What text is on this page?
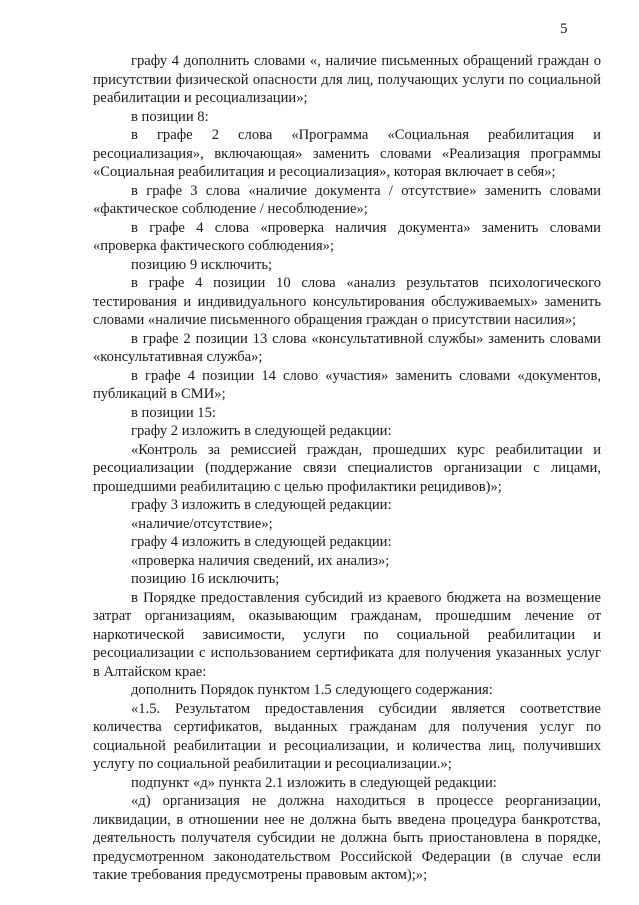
5

графу 4 дополнить словами «, наличие письменных обращений граждан о присутствии физической опасности для лиц, получающих услуги по социальной реабилитации и ресоциализации»;

в позиции 8:

в графе 2 слова «Программа «Социальная реабилитация и ресоциализация», включающая» заменить словами «Реализация программы «Социальная реабилитация и ресоциализация», которая включает в себя»;

в графе 3 слова «наличие документа / отсутствие» заменить словами «фактическое соблюдение / несоблюдение»;

в графе 4 слова «проверка наличия документа» заменить словами «проверка фактического соблюдения»;

позицию 9 исключить;

в графе 4 позиции 10 слова «анализ результатов психологического тестирования и индивидуального консультирования обслуживаемых» заменить словами «наличие письменного обращения граждан о присутствии насилия»;

в графе 2 позиции 13 слова «консультативной службы» заменить словами «консультативная служба»;

в графе 4 позиции 14 слово «участия» заменить словами «документов, публикаций в СМИ»;

в позиции 15:

графу 2 изложить в следующей редакции:

«Контроль за ремиссией граждан, прошедших курс реабилитации и ресоциализации (поддержание связи специалистов организации с лицами, прошедшими реабилитацию с целью профилактики рецидивов)»;

графу 3 изложить в следующей редакции:

«наличие/отсутствие»;

графу 4 изложить в следующей редакции:

«проверка наличия сведений, их анализ»;

позицию 16 исключить;

в Порядке предоставления субсидий из краевого бюджета на возмещение затрат организациям, оказывающим гражданам, прошедшим лечение от наркотической зависимости, услуги по социальной реабилитации и ресоциализации с использованием сертификата для получения указанных услуг в Алтайском крае:

дополнить Порядок пунктом 1.5 следующего содержания:

«1.5. Результатом предоставления субсидии является соответствие количества сертификатов, выданных гражданам для получения услуг по социальной реабилитации и ресоциализации, и количества лиц, получивших услугу по социальной реабилитации и ресоциализации.»;

подпункт «д» пункта 2.1 изложить в следующей редакции:

«д) организация не должна находиться в процессе реорганизации, ликвидации, в отношении нее не должна быть введена процедура банкротства, деятельность получателя субсидии не должна быть приостановлена в порядке, предусмотренном законодательством Российской Федерации (в случае если такие требования предусмотрены правовым актом);»;
